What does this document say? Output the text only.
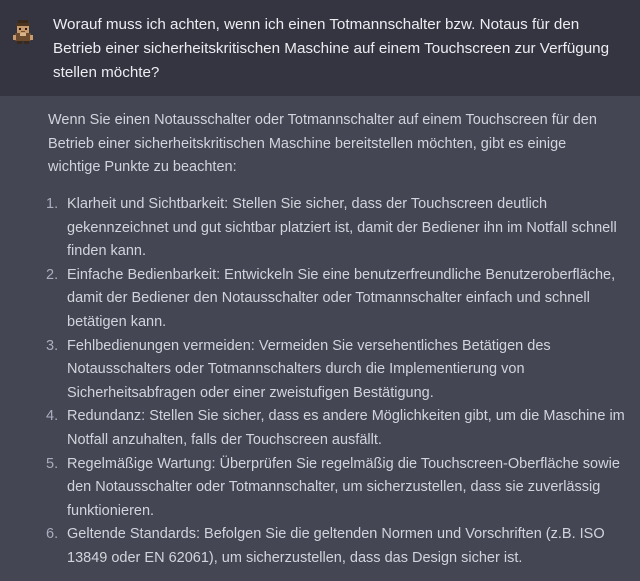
Worauf muss ich achten, wenn ich einen Totmannschalter bzw. Notaus für den Betrieb einer sicherheitskritischen Maschine auf einem Touchscreen zur Verfügung stellen möchte?
Wenn Sie einen Notausschalter oder Totmannschalter auf einem Touchscreen für den Betrieb einer sicherheitskritischen Maschine bereitstellen möchten, gibt es einige wichtige Punkte zu beachten:
1. Klarheit und Sichtbarkeit: Stellen Sie sicher, dass der Touchscreen deutlich gekennzeichnet und gut sichtbar platziert ist, damit der Bediener ihn im Notfall schnell finden kann.
2. Einfache Bedienbarkeit: Entwickeln Sie eine benutzerfreundliche Benutzeroberfläche, damit der Bediener den Notausschalter oder Totmannschalter einfach und schnell betätigen kann.
3. Fehlbedienungen vermeiden: Vermeiden Sie versehentliches Betätigen des Notausschalters oder Totmannschalters durch die Implementierung von Sicherheitsabfragen oder einer zweistufigen Bestätigung.
4. Redundanz: Stellen Sie sicher, dass es andere Möglichkeiten gibt, um die Maschine im Notfall anzuhalten, falls der Touchscreen ausfällt.
5. Regelmäßige Wartung: Überprüfen Sie regelmäßig die Touchscreen-Oberfläche sowie den Notausschalter oder Totmannschalter, um sicherzustellen, dass sie zuverlässig funktionieren.
6. Geltende Standards: Befolgen Sie die geltenden Normen und Vorschriften (z.B. ISO 13849 oder EN 62061), um sicherzustellen, dass das Design sicher ist.
